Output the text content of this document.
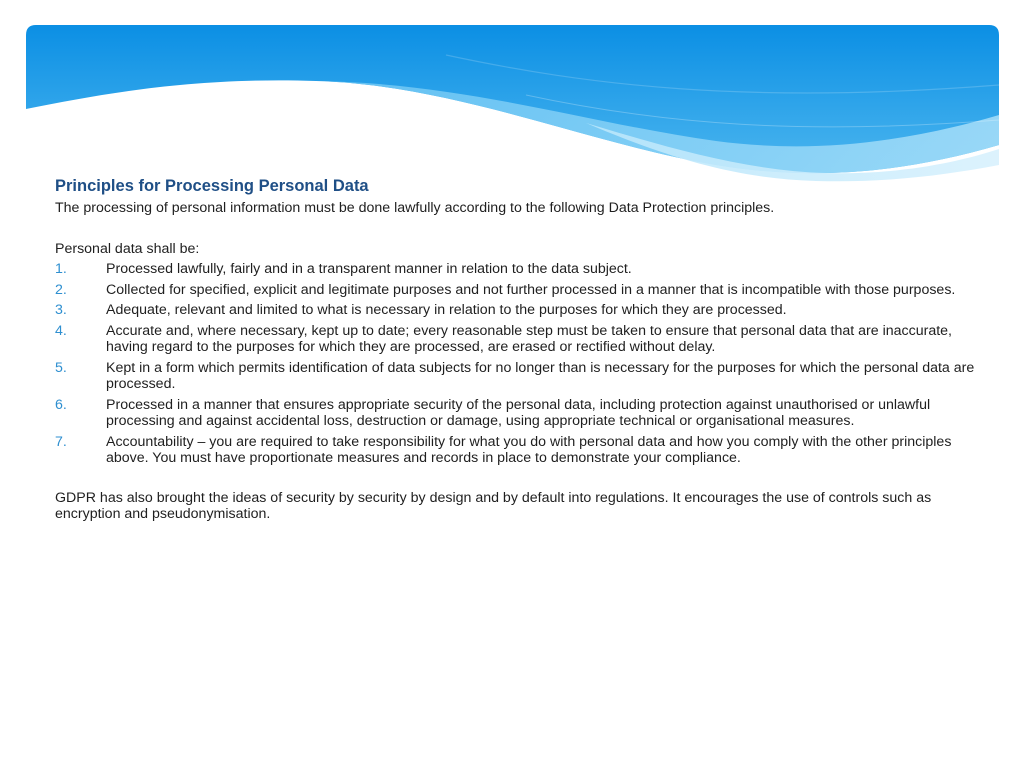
Principles for Processing Personal Data

The processing of personal information must be done lawfully according to the following Data Protection principles.

Personal data shall be:

1.	Processed lawfully, fairly and in a transparent manner in relation to the data subject.
2.	Collected for specified, explicit and legitimate purposes and not further processed in a manner that is incompatible with those purposes.
3.	Adequate, relevant and limited to what is necessary in relation to the purposes for which they are processed.
4.	Accurate and, where necessary, kept up to date; every reasonable step must be taken to ensure that personal data that are inaccurate, having regard to the purposes for which they are processed, are erased or rectified without delay.
5.	Kept in a form which permits identification of data subjects for no longer than is necessary for the purposes for which the personal data are processed.
6.	Processed in a manner that ensures appropriate security of the personal data, including protection against unauthorised or unlawful processing and against accidental loss, destruction or damage, using appropriate technical or organisational measures.
7.	Accountability – you are required to take responsibility for what you do with personal data and how you comply with the other principles above. You must have proportionate measures and records in place to demonstrate your compliance.

GDPR has also brought the ideas of security by security by design and by default into regulations. It encourages the use of controls such as encryption and pseudonymisation.
